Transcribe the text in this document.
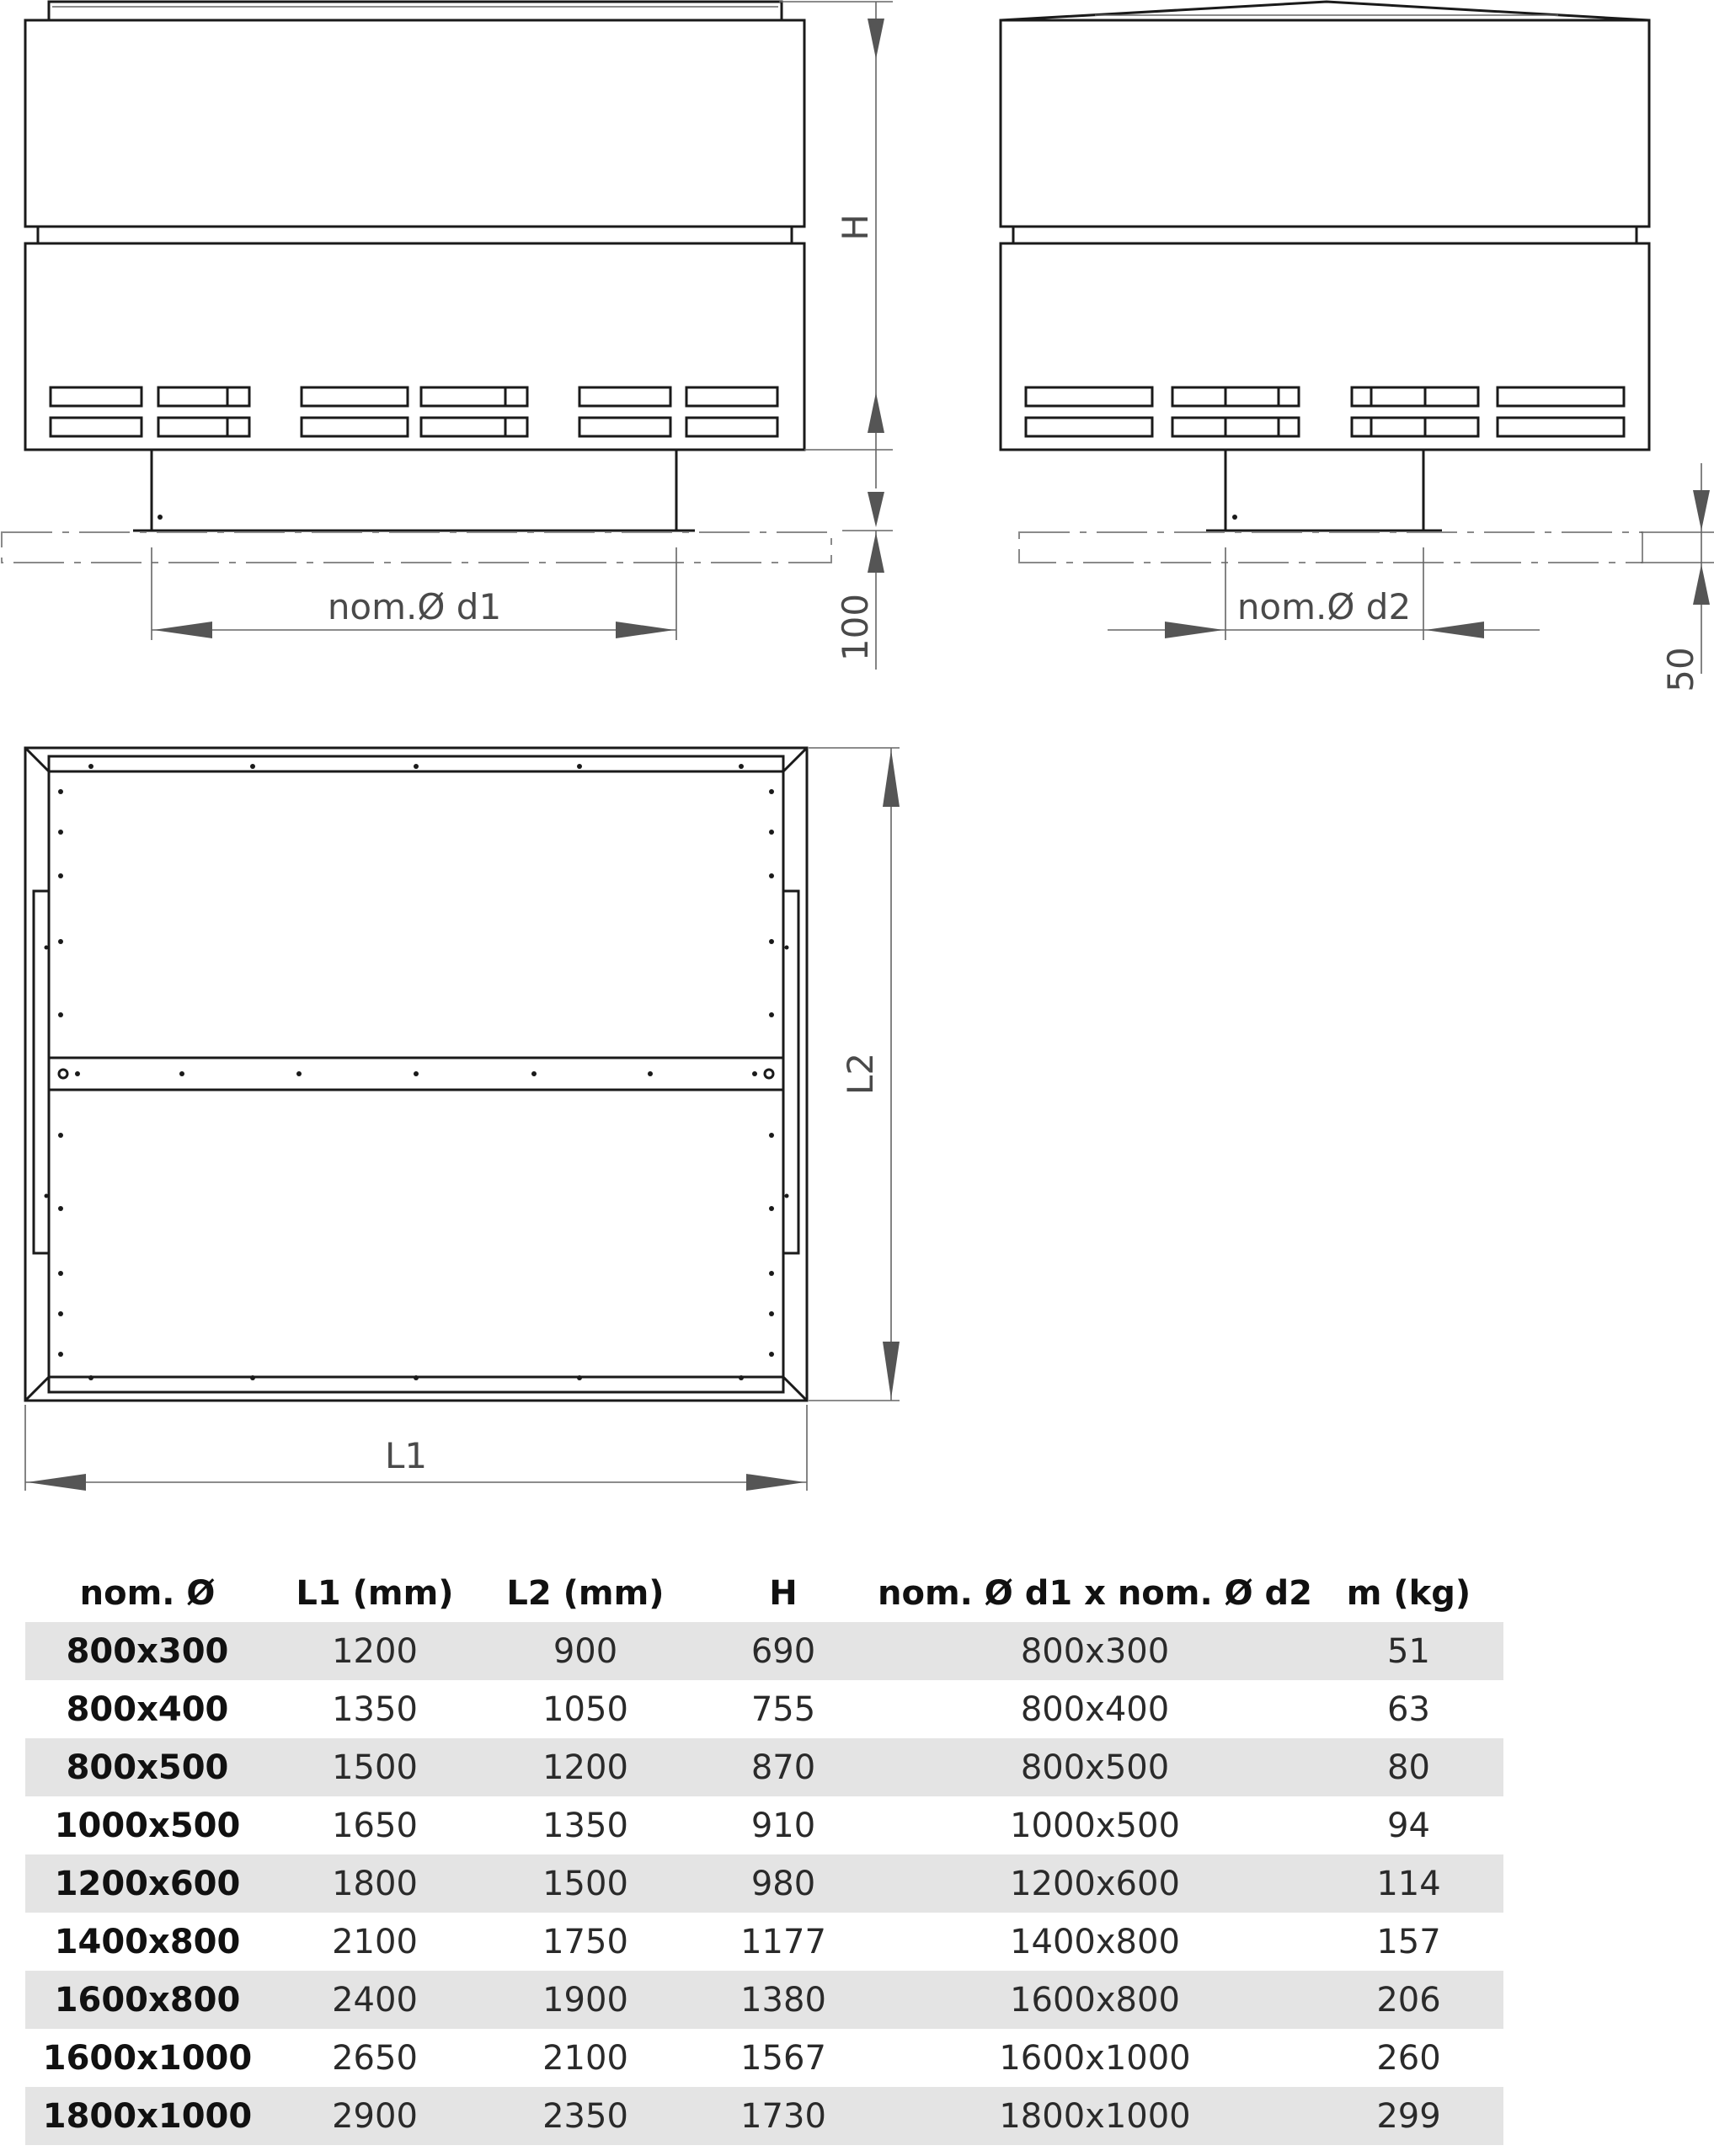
H
100
nom.Ø d1	nom.Ø d2
50
L2
L1
nom. Ø	L1 (mm)	L2 (mm)	H	nom. Ø d1 x nom. Ø d2	m (kg)
800x300	1200	900	690	800x300	51
800x400	1350	1050	755	800x400	63
800x500	1500	1200	870	800x500	80
1000x500	1650	1350	910	1000x500	94
1200x600	1800	1500	980	1200x600	114
1400x800	2100	1750	1177	1400x800	157
1600x800	2400	1900	1380	1600x800	206
1600x1000	2650	2100	1567	1600x1000	260
1800x1000	2900	2350	1730	1800x1000	299
